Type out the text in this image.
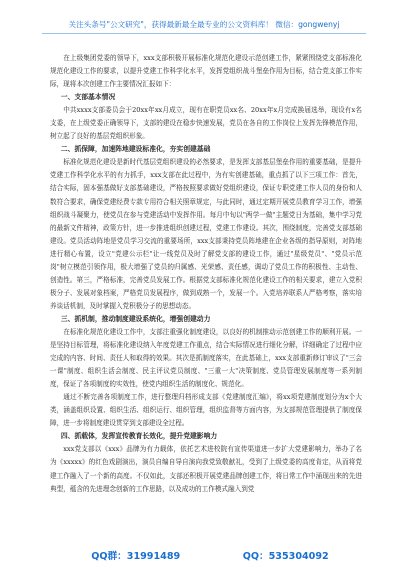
关注头条号"公文研究"，获得最新最全最专业的公文资料库！ 微信：gongwenyj

在上级集团党委的领导下，xxx支部积极开展标准化规范化建设示范创建工作，紧紧围绕党支部标准化规范化建设工作的要求，以提升党建工作科学化水平，发挥党组织战斗堡垒作用为目标，结合党支部工作实际，现将本次创建工作主要情况汇报如下：

一、支部基本情况

中共xxxx支部委员会于20xx年xx月成立，现有在职党员xx名、20xx年x月完成换届选举，现设有x名支委，在上级党委正确领导下，支部的建设在稳步快速发展，党员在各自的工作岗位上发挥先锋模范作用，树立起了良好的基层党组织形象。

二、抓保障，加速阵地建设标准化，夯实创建基础

标准化规范化建设是新时代基层党组织建设的必然要求，是发挥支部基层堡垒作用的重要基础，是提升党建工作科学化水平的有力抓手，xxx支部在此过程中，为有实创建基础，重点抓了以下三项工作：首先，结合实际，固本强基做好支部基础建设，严格按照要求做好党组织建设，保证专职党建工作人员的身份和人数符合要求，确保党建经费专款专用符合相关照章规定，与此同时，通过定期开展党员教育学习工作，增强组织战斗凝聚力，使党员在参与党建活动中发挥作用。每月中旬以"两学一做"主题党日为基础，集中学习党的最新文件精神，政策方针，进一步推进组织创建过程，党建工作建设。其次，围绕制度，完善党支部基础建设。党员活动阵地是党员学习交流的重要场所，xxx支部秉持党员阵地建在企业各级的指导原则，对阵地进行精心布置，设立"党建公示栏"让一线党员及时了解党支部的建设工作，通过"星级党员"、"党员示范岗"树立模范引领作用，极大增强了党员的归属感、光荣感、责任感，调动了党员工作的积极性、主动性、创造性。第三，严格标准，完善党员发展工作。根据党支部标准化规范化建设工作的相关要求，建立入党积极分子、发展对象档案，严格党员发展程序，做到成熟一个，发展一个。入党培养联系人严格考察，落实培养谈话机制，及时掌握入党积极分子的思想动态。

三、抓机制，推动制度建设系统化，增强创建动力

在标准化规范化建设工作中，支部注重强化制度建设，以良好的机制推动示范创建工作的顺利开展。一是坚持目标管理，将标准化建设纳入年度党建工作重点，结合实际情况进行细化分解，详细确定了过程中应完成的内容、时间、责任人和取得的效果。其次是抓制度落实，在此基础上，xxx支部重新修订审议了"三会一课"制度、组织生活会制度、民主评议党员制度、"三重一大"决策制度、党员管理发展制度等一系列制度，保证了各项制度的实效性，使党内组织生活的制度化、规范化。

通过不断完善各项制度工作，进行整理归档形成支部《党建制度汇编》，将xx项党建制度划分为x个大类，涵盖组织设置、组织生活、组织运行、组织管理，组织监督等方面内容，为支部规范管理提供了制度保障，进一步将制度建设贯穿到支部建设全过程。

四、抓载体，发挥宣传教育长效化，提升党建影响力

xxx党支部以《xxx》品牌为有力载体，依托艺术进校院有宣传渠道进一步扩大党建影响力，举办了名为《xxxxx》的红色戏剧演出，演员自编自导自演向我党致敬献礼，受到了上级党委的高度肯定，从而将党建工作融入了一个新的高度。不仅如此，支部还积极开展党建品牌创建工作，将日常工作中涌现出来的先进典型，蕴含的先进理念创新的工作思路，以及成功的工作模式融入到党

QQ群：31991489	QQ：535304092
